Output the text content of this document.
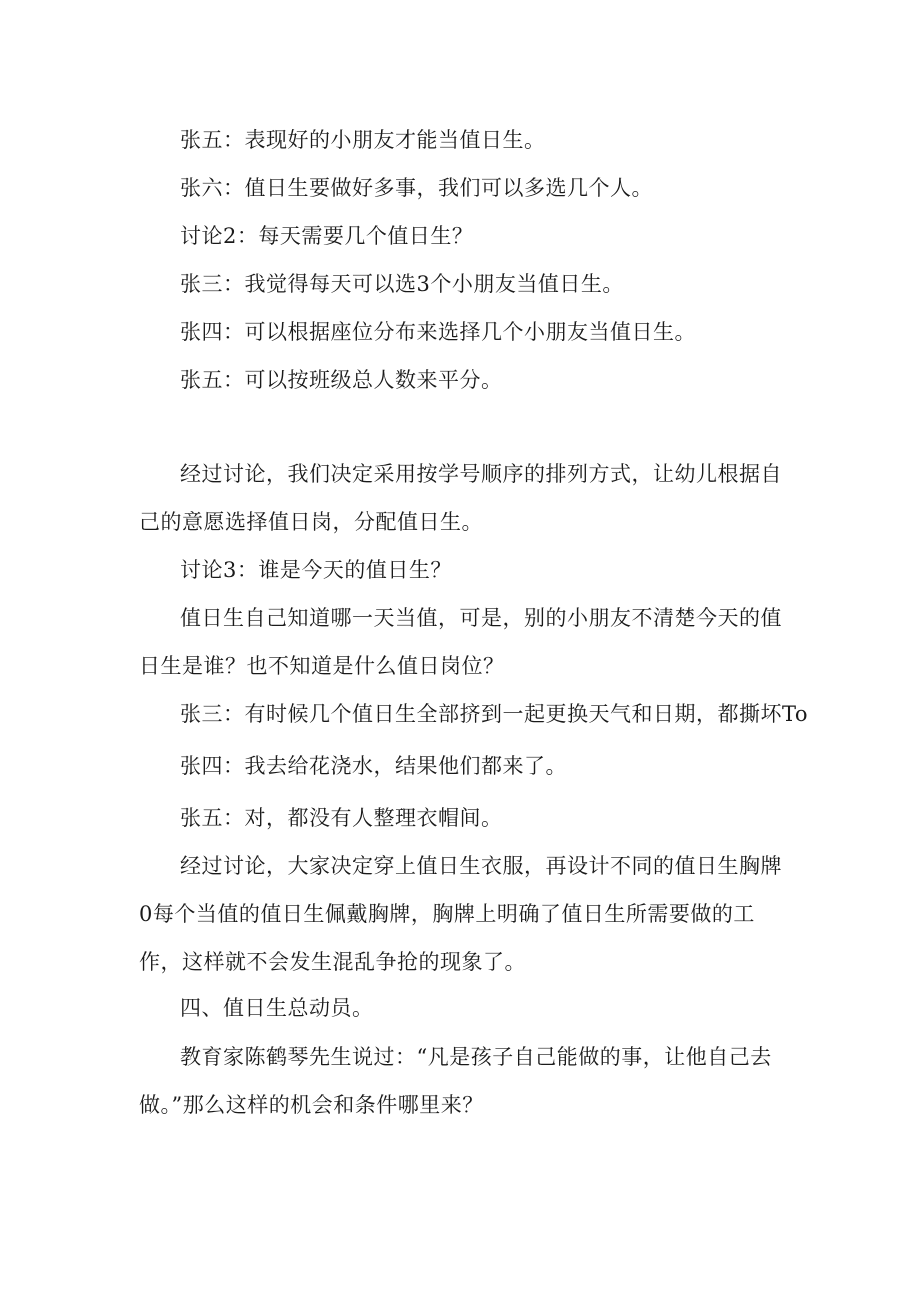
张五：表现好的小朋友才能当值日生。

张六：值日生要做好多事，我们可以多选几个人。

讨论2：每天需要几个值日生？

张三：我觉得每天可以选3个小朋友当值日生。

张四：可以根据座位分布来选择几个小朋友当值日生。

张五：可以按班级总人数来平分。

经过讨论，我们决定采用按学号顺序的排列方式，让幼儿根据自己的意愿选择值日岗，分配值日生。

讨论3：谁是今天的值日生？

值日生自己知道哪一天当值，可是，别的小朋友不清楚今天的值日生是谁？也不知道是什么值日岗位？

张三：有时候几个值日生全部挤到一起更换天气和日期，都撕坏To

张四：我去给花浇水，结果他们都来了。

张五：对，都没有人整理衣帽间。

经过讨论，大家决定穿上值日生衣服，再设计不同的值日生胸牌0每个当值的值日生佩戴胸牌，胸牌上明确了值日生所需要做的工作，这样就不会发生混乱争抢的现象了。

四、值日生总动员。

教育家陈鹤琴先生说过：“凡是孩子自己能做的事，让他自己去做。”那么这样的机会和条件哪里来？
